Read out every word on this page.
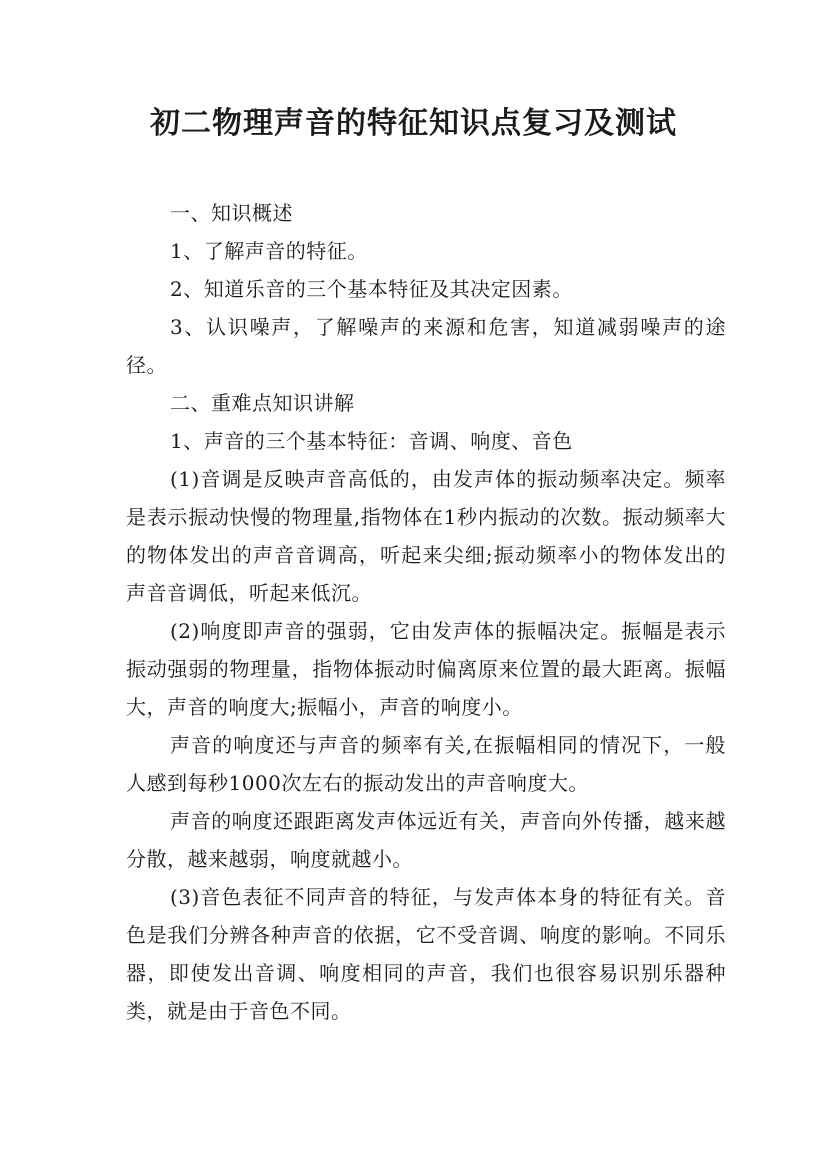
初二物理声音的特征知识点复习及测试

一、知识概述

1、了解声音的特征。

2、知道乐音的三个基本特征及其决定因素。

3、认识噪声，了解噪声的来源和危害，知道减弱噪声的途径。

二、重难点知识讲解

1、声音的三个基本特征：音调、响度、音色

(1)音调是反映声音高低的，由发声体的振动频率决定。频率是表示振动快慢的物理量,指物体在1秒内振动的次数。振动频率大的物体发出的声音音调高，听起来尖细;振动频率小的物体发出的声音音调低，听起来低沉。

(2)响度即声音的强弱，它由发声体的振幅决定。振幅是表示振动强弱的物理量，指物体振动时偏离原来位置的最大距离。振幅大，声音的响度大;振幅小，声音的响度小。

声音的响度还与声音的频率有关,在振幅相同的情况下，一般人感到每秒1000次左右的振动发出的声音响度大。

声音的响度还跟距离发声体远近有关，声音向外传播，越来越分散，越来越弱，响度就越小。

(3)音色表征不同声音的特征，与发声体本身的特征有关。音色是我们分辨各种声音的依据，它不受音调、响度的影响。不同乐器，即使发出音调、响度相同的声音，我们也很容易识别乐器种类，就是由于音色不同。
